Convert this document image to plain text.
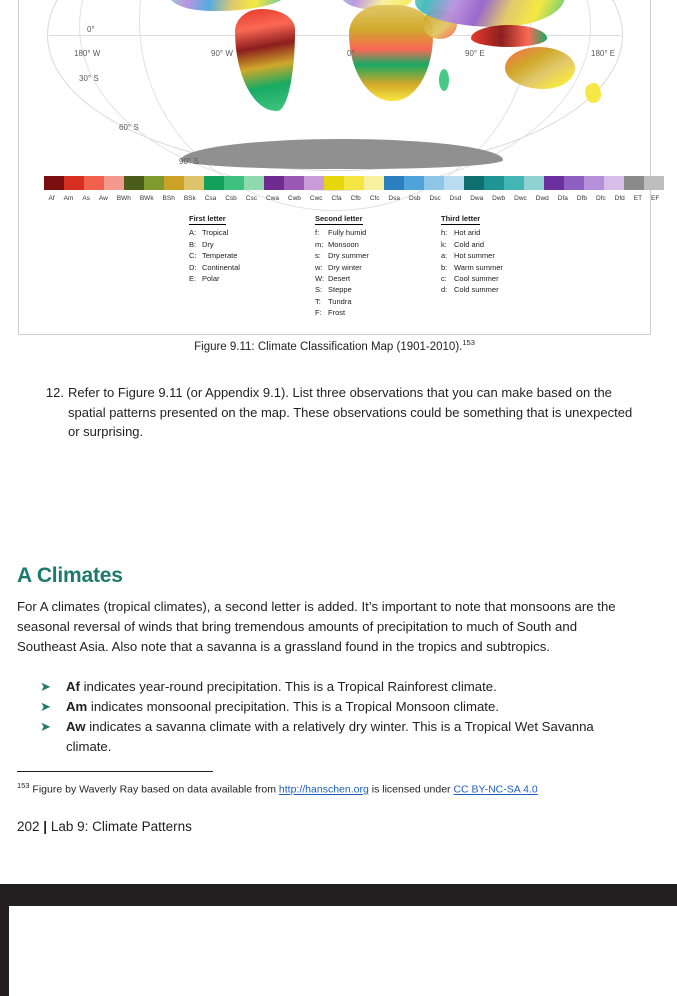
0°
180° W	90° W	0°	90° E	180° E
30° S
60° S
90° S
Af	Am	As	Aw	BWh	BWk	BSh	BSk	Csa	Csb	Csc	Cwa	Cwb	Cwc	Cfa	Cfb	Cfc	Dsa	Dsb	Dsc	Dsd	Dwa	Dwb	Dwc	Dwd	Dfa	Dfb	Dfc	Dfd	ET	EF
First letter
A: Tropical
B: Dry
C: Temperate
D: Continental
E: Polar
Second letter
f: Fully humid
m: Monsoon
s: Dry summer
w: Dry winter
W: Desert
S: Steppe
T: Tundra
F: Frost
Third letter
h: Hot arid
k: Cold arid
a: Hot summer
b: Warm summer
c: Cool summer
d: Cold summer
Figure 9.11: Climate Classification Map (1901-2010).$^{153}$
12. Refer to Figure 9.11 (or Appendix 9.1). List three observations that you can make based on the spatial patterns presented on the map. These observations could be something that is unexpected or surprising.
A Climates
For A climates (tropical climates), a second letter is added. It’s important to note that monsoons are the seasonal reversal of winds that bring tremendous amounts of precipitation to much of South and Southeast Asia. Also note that a savanna is a grassland found in the tropics and subtropics.
➤ Af indicates year-round precipitation. This is a Tropical Rainforest climate.
➤ Am indicates monsoonal precipitation. This is a Tropical Monsoon climate.
➤ Aw indicates a savanna climate with a relatively dry winter. This is a Tropical Wet Savanna climate.
$^{153}$ Figure by Waverly Ray based on data available from http://hanschen.org is licensed under CC BY-NC-SA 4.0
202 | Lab 9: Climate Patterns
